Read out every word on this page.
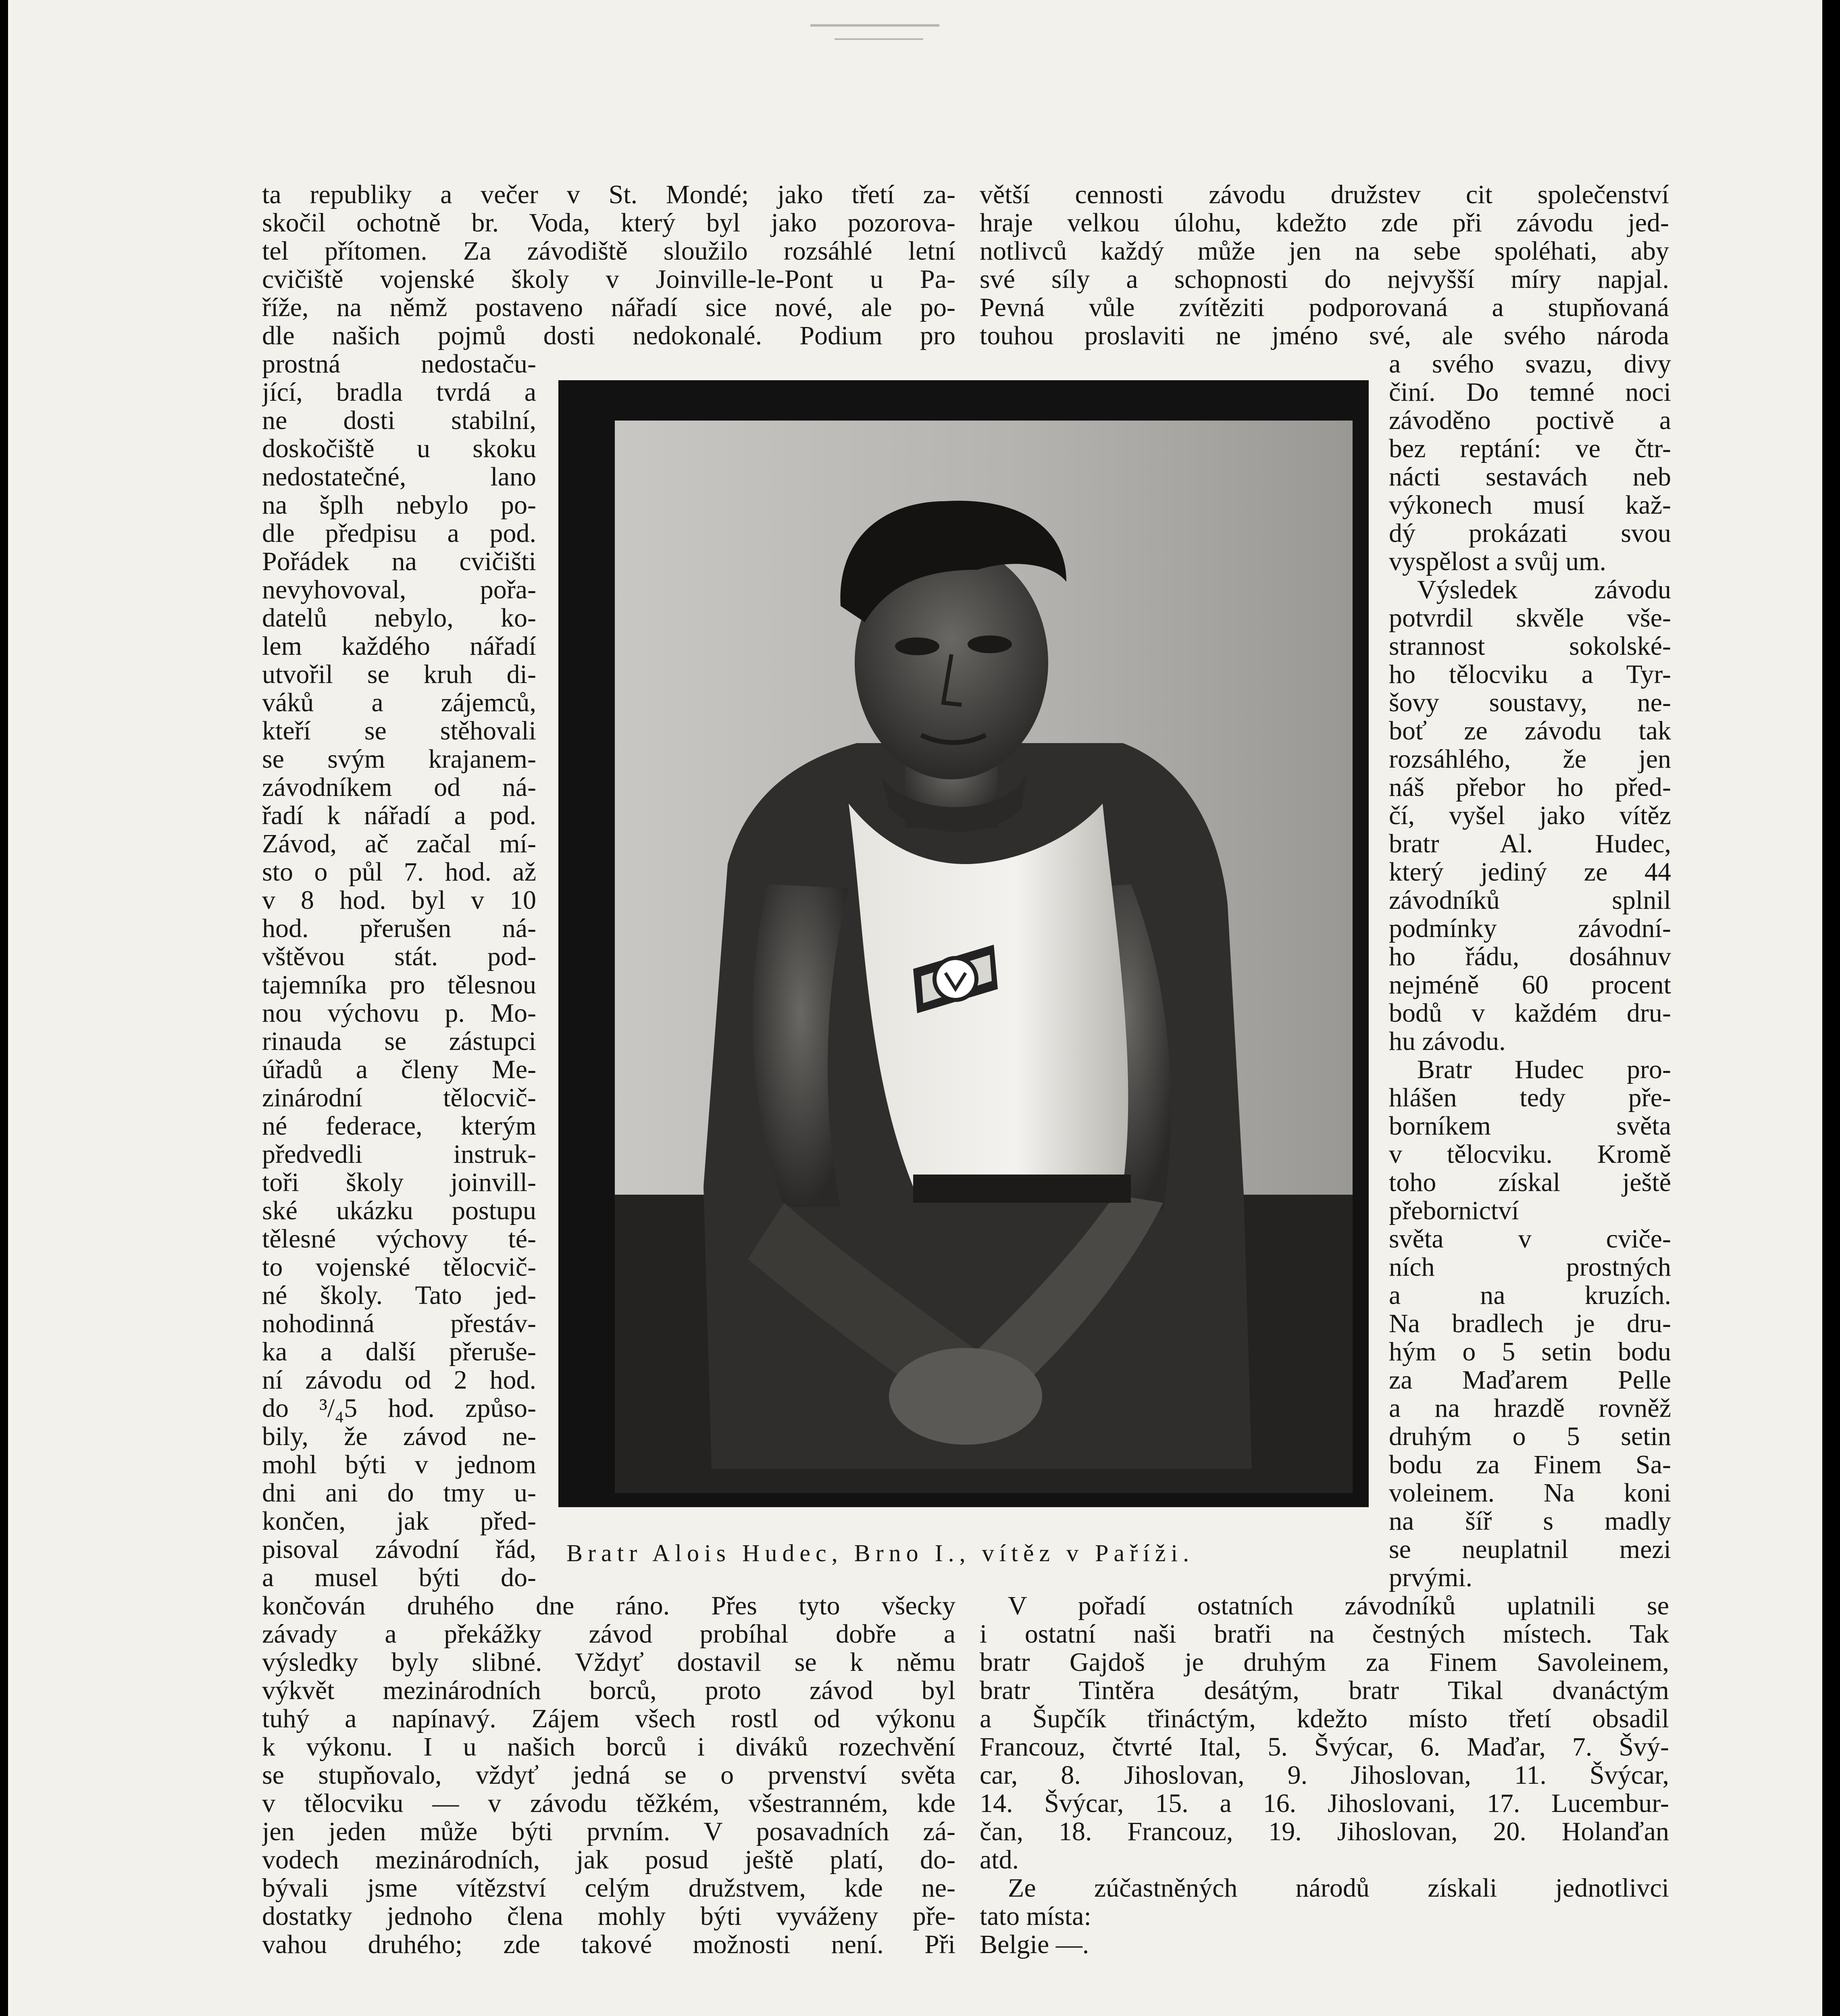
ta republiky a večer v St. Mondé; jako třetí za-

skočil ochotně br. Voda, který byl jako pozorova-

tel přítomen. Za závodiště sloužilo rozsáhlé letní

cvičiště vojenské školy v Joinville-le-Pont u Pa-

říže, na němž postaveno nářadí sice nové, ale po-

dle našich pojmů dosti nedokonalé. Podium pro

prostná nedostaču-

jící, bradla tvrdá a

ne dosti stabilní,

doskočiště u skoku

nedostatečné, lano

na šplh nebylo po-

dle předpisu a pod.

Pořádek na cvičišti

nevyhovoval, pořa-

datelů nebylo, ko-

lem každého nářadí

utvořil se kruh di-

váků a zájemců,

kteří se stěhovali

se svým krajanem-

závodníkem od ná-

řadí k nářadí a pod.

Závod, ač začal mí-

sto o půl 7. hod. až

v 8 hod. byl v 10

hod. přerušen ná-

vštěvou stát. pod-

tajemníka pro tělesnou

nou výchovu p. Mo-

rinauda se zástupci

úřadů a členy Me-

zinárodní tělocvič-

né federace, kterým

předvedli instruk-

toři školy joinvill-

ské ukázku postupu

tělesné výchovy té-

to vojenské tělocvič-

né školy. Tato jed-

nohodinná přestáv-

ka a další přeruše-

ní závodu od 2 hod.

do ³/₄5 hod. způso-

bily, že závod ne-

mohl býti v jednom

dni ani do tmy u-

končen, jak před-

pisoval závodní řád,

a musel býti do-

končován druhého dne ráno. Přes tyto všecky

závady a překážky závod probíhal dobře a

výsledky byly slibné. Vždyť dostavil se k němu

výkvět mezinárodních borců, proto závod byl

tuhý a napínavý. Zájem všech rostl od výkonu

k výkonu. I u našich borců i diváků rozechvění

se stupňovalo, vždyť jedná se o prvenství světa

v tělocviku — v závodu těžkém, všestranném, kde

jen jeden může býti prvním. V posavadních zá-

vodech mezinárodních, jak posud ještě platí, do-

bývali jsme vítězství celým družstvem, kde ne-

dostatky jednoho člena mohly býti vyváženy pře-

vahou druhého; zde takové možnosti není. Při

větší cennosti závodu družstev cit společenství

hraje velkou úlohu, kdežto zde při závodu jed-

notlivců každý může jen na sebe spoléhati, aby

své síly a schopnosti do nejvyšší míry napjal.

Pevná vůle zvítěziti podporovaná a stupňovaná

touhou proslaviti ne jméno své, ale svého národa

a svého svazu, divy

činí. Do temné noci

závoděno poctivě a

bez reptání: ve čtr-

nácti sestavách neb

výkonech musí kaž-

dý prokázati svou

vyspělost a svůj um.

Výsledek závodu

potvrdil skvěle vše-

strannost sokolské-

ho tělocviku a Tyr-

šovy soustavy, ne-

boť ze závodu tak

rozsáhlého, že jen

náš přebor ho před-

čí, vyšel jako vítěz

bratr Al. Hudec,

který jediný ze 44

závodníků splnil

podmínky závodní-

ho řádu, dosáhnuv

nejméně 60 procent

bodů v každém dru-

hu závodu.

Bratr Hudec pro-

hlášen tedy pře-

borníkem světa

v tělocviku. Kromě

toho získal ještě

přebornictví

světa v cviče-

ních prostných

a na kruzích.

Na bradlech je dru-

hým o 5 setin bodu

za Maďarem Pelle

a na hrazdě rovněž

druhým o 5 setin

bodu za Finem Sa-

voleinem. Na koni

na šíř s madly

se neuplatnil mezi

prvými.

V pořadí ostatních závodníků uplatnili se

i ostatní naši bratři na čestných místech. Tak

bratr Gajdoš je druhým za Finem Savoleinem,

bratr Tintěra desátým, bratr Tikal dvanáctým

a Šupčík třináctým, kdežto místo třetí obsadil

Francouz, čtvrté Ital, 5. Švýcar, 6. Maďar, 7. Švý-

car, 8. Jihoslovan, 9. Jihoslovan, 11. Švýcar,

14. Švýcar, 15. a 16. Jihoslovani, 17. Lucembur-

čan, 18. Francouz, 19. Jihoslovan, 20. Holanďan

atd.

Ze zúčastněných národů získali jednotlivci

tato místa:

Belgie —.

Bratr Alois Hudec, Brno I., vítěz v Paříži.
